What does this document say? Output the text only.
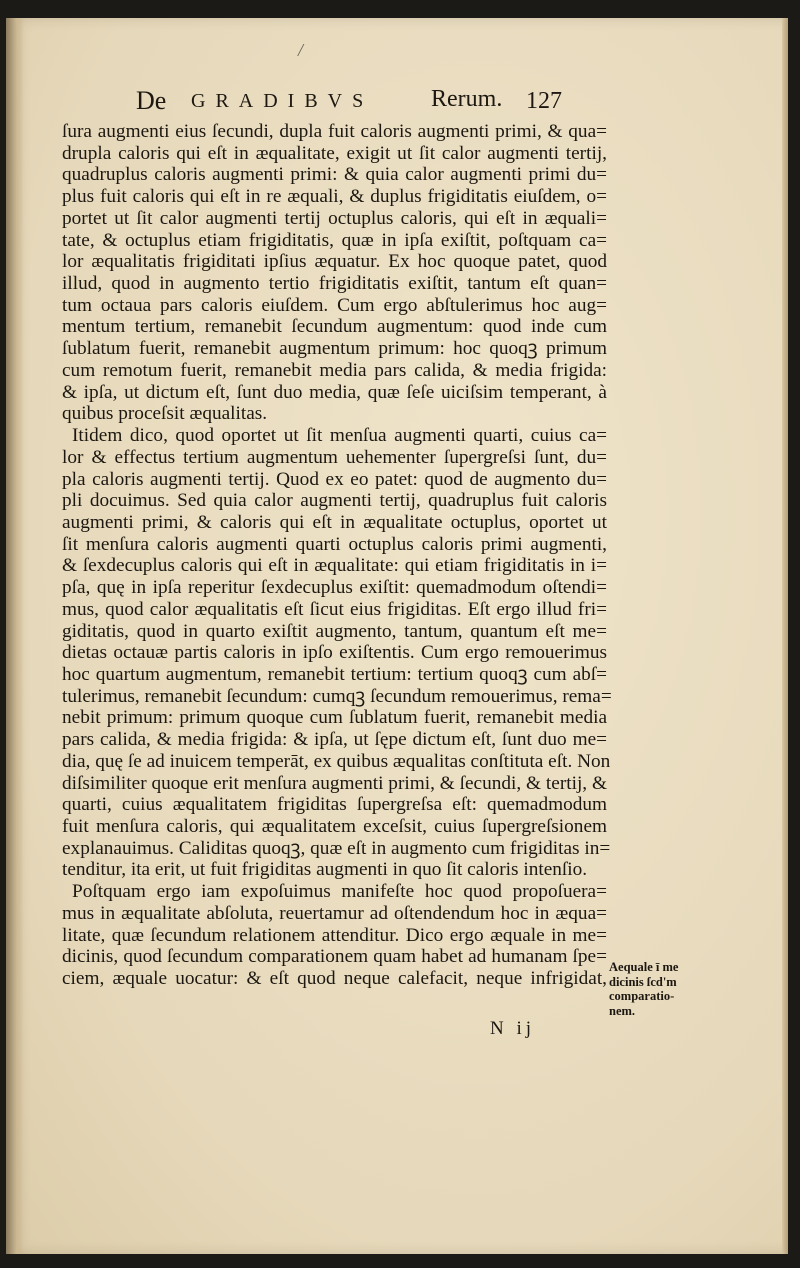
/
De GRADIBVS Rerum. 127
ſura augmenti eius ſecundi, dupla fuit caloris augmenti primi, & qua=
drupla caloris qui eſt in æqualitate, exigit ut ſit calor augmenti tertij,
quadruplus caloris augmenti primi: & quia calor augmenti primi du=
plus fuit caloris qui eſt in re æquali, & duplus frigiditatis eiuſdem, o=
portet ut ſit calor augmenti tertij octuplus caloris, qui eſt in æquali=
tate, & octuplus etiam frigiditatis, quæ in ipſa exiſtit, poſtquam ca=
lor æqualitatis frigiditati ipſius æquatur. Ex hoc quoque patet, quod
illud, quod in augmento tertio frigiditatis exiſtit, tantum eſt quan=
tum octaua pars caloris eiuſdem. Cum ergo abſtulerimus hoc aug=
mentum tertium, remanebit ſecundum augmentum: quod inde cum
ſublatum fuerit, remanebit augmentum primum: hoc quoqꝫ primum
cum remotum fuerit, remanebit media pars calida, & media frigida:
& ipſa, ut dictum eſt, ſunt duo media, quæ ſeſe uiciſsim temperant, à
quibus proceſsit æqualitas.
Itidem dico, quod oportet ut ſit menſua augmenti quarti, cuius ca=
lor & effectus tertium augmentum uehementer ſupergreſsi ſunt, du=
pla caloris augmenti tertij. Quod ex eo patet: quod de augmento du=
pli docuimus. Sed quia calor augmenti tertij, quadruplus fuit caloris
augmenti primi, & caloris qui eſt in æqualitate octuplus, oportet ut
ſit menſura caloris augmenti quarti octuplus caloris primi augmenti,
& ſexdecuplus caloris qui eſt in æqualitate: qui etiam frigiditatis in i=
pſa, quę in ipſa reperitur ſexdecuplus exiſtit: quemadmodum oſtendi=
mus, quod calor æqualitatis eſt ſicut eius frigiditas. Eſt ergo illud fri=
giditatis, quod in quarto exiſtit augmento, tantum, quantum eſt me=
dietas octauæ partis caloris in ipſo exiſtentis. Cum ergo remouerimus
hoc quartum augmentum, remanebit tertium: tertium quoqꝫ cum abſ=
tulerimus, remanebit ſecundum: cumqꝫ ſecundum remouerimus, rema=
nebit primum: primum quoque cum ſublatum fuerit, remanebit media
pars calida, & media frigida: & ipſa, ut ſępe dictum eſt, ſunt duo me=
dia, quę ſe ad inuicem temperāt, ex quibus æqualitas conſtituta eſt. Non
diſsimiliter quoque erit menſura augmenti primi, & ſecundi, & tertij, &
quarti, cuius æqualitatem frigiditas ſupergreſsa eſt: quemadmodum
fuit menſura caloris, qui æqualitatem exceſsit, cuius ſupergreſsionem
explanauimus. Caliditas quoqꝫ, quæ eſt in augmento cum frigiditas in=
tenditur, ita erit, ut fuit frigiditas augmenti in quo ſit caloris intenſio.
Poſtquam ergo iam expoſuimus manifeſte hoc quod propoſuera=
mus in æqualitate abſoluta, reuertamur ad oſtendendum hoc in æqua=
litate, quæ ſecundum relationem attenditur. Dico ergo æquale in me=
dicinis, quod ſecundum comparationem quam habet ad humanam ſpe=
ciem, æquale uocatur: & eſt quod neque calefacit, neque infrigidat,
Aequale ī me
dicinis ſcd'm
comparatio-
nem.
N ij
